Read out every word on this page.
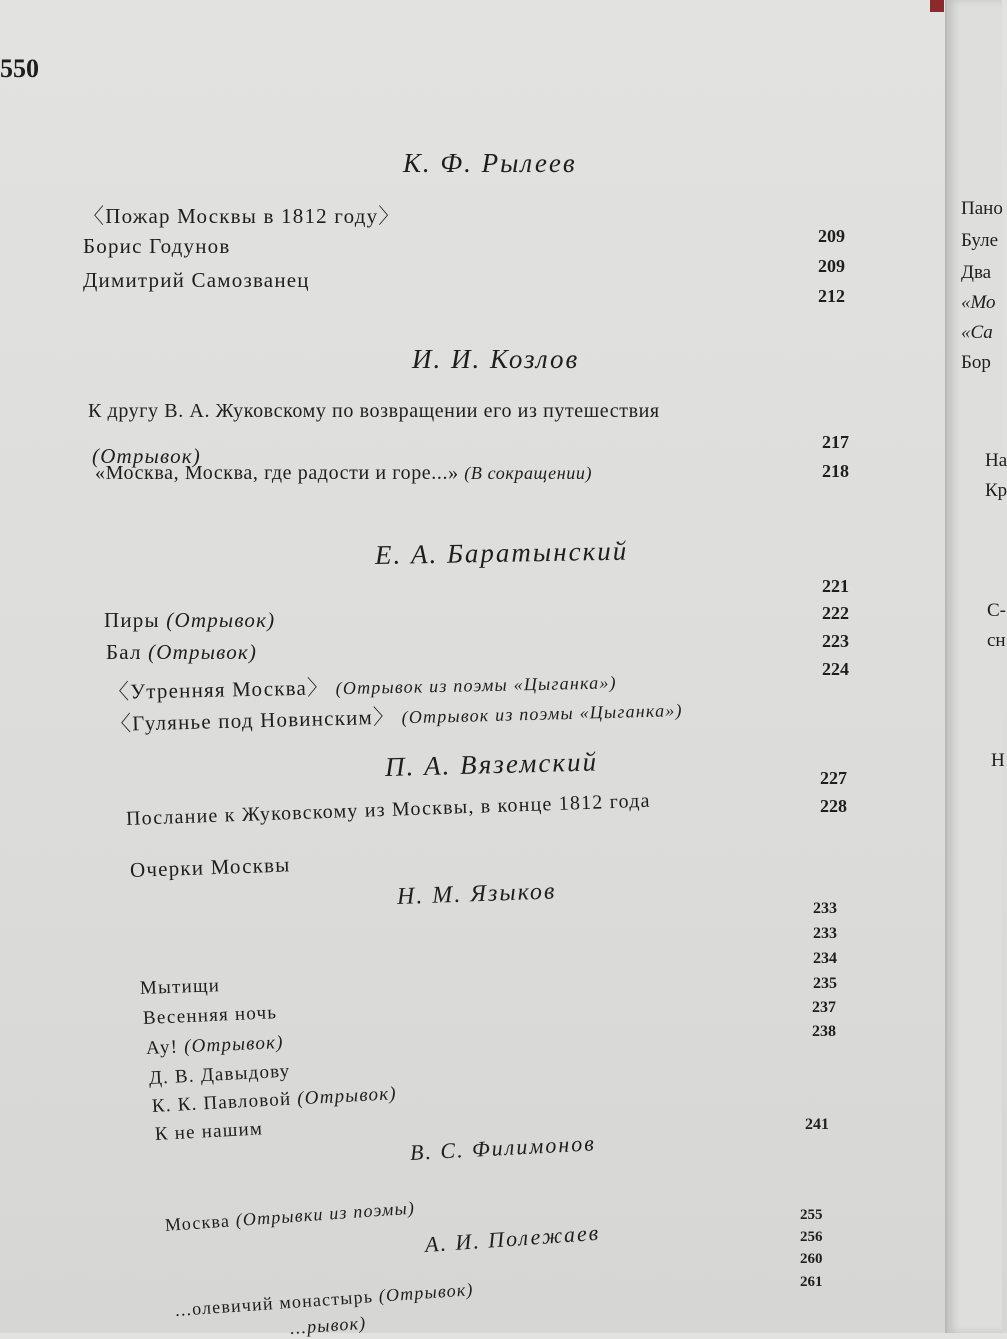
550
К. Ф. Рылеев
〈Пожар Москвы в 1812 году〉
Борис Годунов
Димитрий Самозванец
209
209
212
И. И. Козлов
К другу В. А. Жуковскому по возвращении его из путешествия
(Отрывок)
«Москва, Москва, где радости и горе...» (В сокращении)
217
218
Е. А. Баратынский
Пиры (Отрывок)
Бал (Отрывок)
〈Утренняя Москва〉 (Отрывок из поэмы «Цыганка»)
〈Гулянье под Новинским〉 (Отрывок из поэмы «Цыганка»)
221
222
223
224
П. А. Вяземский
Послание к Жуковскому из Москвы, в конце 1812 года
Очерки Москвы
227
228
Н. М. Языков
Мытищи
Весенняя ночь
Ау! (Отрывок)
Д. В. Давыдову
К. К. Павловой (Отрывок)
К не нашим
233
233
234
235
237
238
В. С. Филимонов
Москва (Отрывки из поэмы)
241
А. И. Полежаев
...олевичий монастырь (Отрывок)
...рывок)
255
256
260
261
Пано
Буле
Два
«Мо
«Са
Бор
На
Кр
С-
сн
Н
